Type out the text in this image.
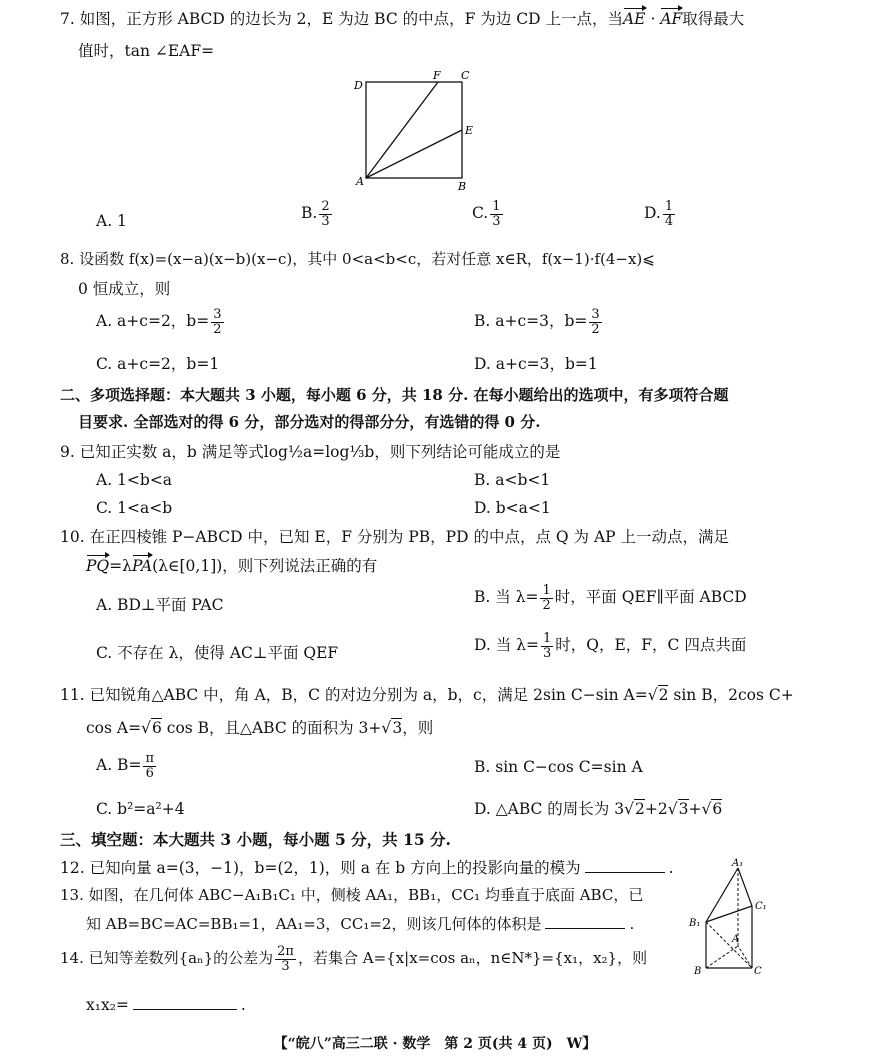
7. 如图，正方形 ABCD 的边长为 2，E 为边 BC 的中点，F 为边 CD 上一点，当AE · AF取得最大
值时，tan ∠EAF=
D
F C
E
A	B
A. 1	B. $\frac{2}{3}$	C. $\frac{1}{3}$	D. $\frac{1}{4}$
8. 设函数 f(x)=(x−a)(x−b)(x−c)，其中 0<a<b<c，若对任意 x∈R，f(x−1)·f(4−x)⩽
0 恒成立，则
A. a+c=2，$b= \frac{3}{2}$	B. a+c=3，$b= \frac{3}{2}$
C. a+c=2，b=1	D. a+c=3，b=1
二、多项选择题：本大题共 3 小题，每小题 6 分，共 18 分. 在每小题给出的选项中，有多项符合题
目要求. 全部选对的得 6 分，部分选对的得部分分，有选错的得 0 分.
9. 已知正实数 a，b 满足等式log½a=log⅓b，则下列结论可能成立的是
A. 1<b<a	B. a<b<1
C. 1<a<b	D. b<a<1
10. 在正四棱锥 P−ABCD 中，已知 E，F 分别为 PB，PD 的中点，点 Q 为 AP 上一动点，满足
PQ=λPA(λ∈[0,1])，则下列说法正确的有
A. BD⊥平面 PAC	B. 当 $\lambda= \frac{1}{2}$ 时，平面 QEF∥平面 ABCD
C. 不存在 λ，使得 AC⊥平面 QEF	D. 当 $\lambda= \frac{1}{3}$ 时，Q，E，F，C 四点共面
11. 已知锐角△ABC 中，角 A，B，C 的对边分别为 a，b，c，满足 2sin C−sin A=√2 sin B，2cos C+
cos A=√6 cos B，且△ABC 的面积为 3+√3，则
A. $B= \frac{\pi}{6}$	B. sin C−cos C=sin A
C. b²=a²+4	D. △ABC 的周长为 3√2+2√3+√6
三、填空题：本大题共 3 小题，每小题 5 分，共 15 分.
12. 已知向量 a=(3，−1)，b=(2，1)，则 a 在 b 方向上的投影向量的模为	.
13. 如图，在几何体 ABC−A₁B₁C₁ 中，侧棱 AA₁，BB₁，CC₁ 均垂直于底面 ABC，已
知 AB=BC=AC=BB₁=1，AA₁=3，CC₁=2，则该几何体的体积是	.
A₁
B₁
C₁
A
B	C
14. 已知等差数列{aₙ}的公差为 $\frac{2\pi}{3}$ ，若集合 A={x|x=cos aₙ，n∈N*}={x₁，x₂}，则
x₁x₂=	.
【“皖八”高三二联 · 数学　第 2 页(共 4 页)　W】
